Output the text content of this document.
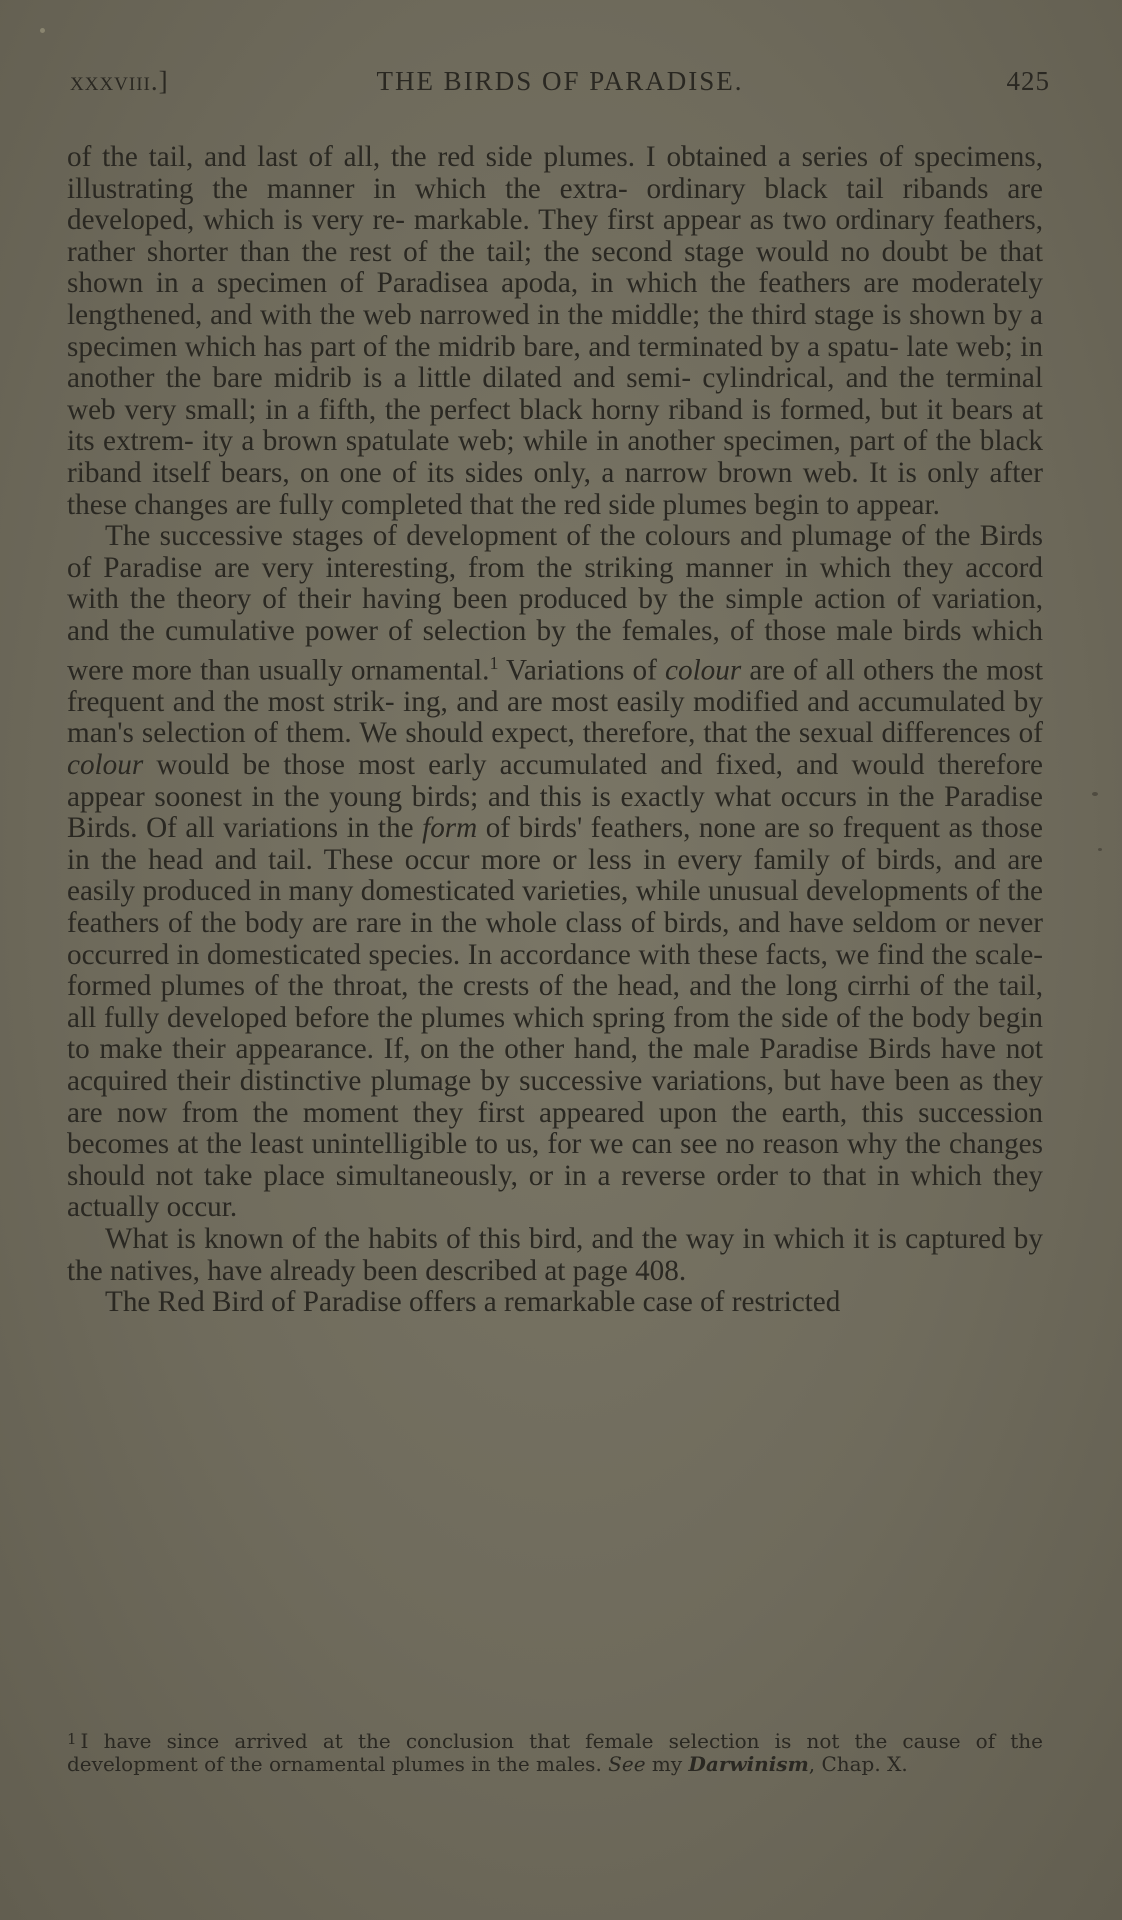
xxxviii.]	THE BIRDS OF PARADISE.	425

of the tail, and last of all, the red side plumes. I obtained a series of specimens, illustrating the manner in which the extra- ordinary black tail ribands are developed, which is very re- markable. They first appear as two ordinary feathers, rather shorter than the rest of the tail; the second stage would no doubt be that shown in a specimen of Paradisea apoda, in which the feathers are moderately lengthened, and with the web narrowed in the middle; the third stage is shown by a specimen which has part of the midrib bare, and terminated by a spatu- late web; in another the bare midrib is a little dilated and semi- cylindrical, and the terminal web very small; in a fifth, the perfect black horny riband is formed, but it bears at its extrem- ity a brown spatulate web; while in another specimen, part of the black riband itself bears, on one of its sides only, a narrow brown web. It is only after these changes are fully completed that the red side plumes begin to appear.

The successive stages of development of the colours and plumage of the Birds of Paradise are very interesting, from the striking manner in which they accord with the theory of their having been produced by the simple action of variation, and the cumulative power of selection by the females, of those male birds which were more than usually ornamental.$^1$ Variations of colour are of all others the most frequent and the most strik- ing, and are most easily modified and accumulated by man's selection of them. We should expect, therefore, that the sexual differences of colour would be those most early accumulated and fixed, and would therefore appear soonest in the young birds; and this is exactly what occurs in the Paradise Birds. Of all variations in the form of birds' feathers, none are so frequent as those in the head and tail. These occur more or less in every family of birds, and are easily produced in many domesticated varieties, while unusual developments of the feathers of the body are rare in the whole class of birds, and have seldom or never occurred in domesticated species. In accordance with these facts, we find the scale-formed plumes of the throat, the crests of the head, and the long cirrhi of the tail, all fully developed before the plumes which spring from the side of the body begin to make their appearance. If, on the other hand, the male Paradise Birds have not acquired their distinctive plumage by successive variations, but have been as they are now from the moment they first appeared upon the earth, this succession becomes at the least unintelligible to us, for we can see no reason why the changes should not take place simultaneously, or in a reverse order to that in which they actually occur.

What is known of the habits of this bird, and the way in which it is captured by the natives, have already been described at page 408.

The Red Bird of Paradise offers a remarkable case of restricted

$^1$ I have since arrived at the conclusion that female selection is not the cause of the development of the ornamental plumes in the males. See my Darwinism, Chap. X.
